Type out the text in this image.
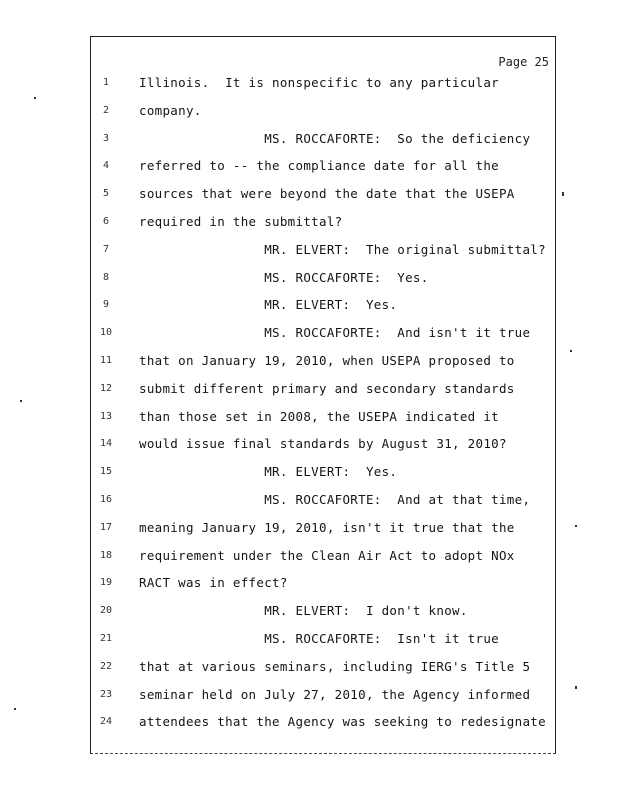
Page 25
1	Illinois.  It is nonspecific to any particular
2	company.
3	MS. ROCCAFORTE:  So the deficiency
4	referred to -- the compliance date for all the
5	sources that were beyond the date that the USEPA
6	required in the submittal?
7	MR. ELVERT:  The original submittal?
8	MS. ROCCAFORTE:  Yes.
9	MR. ELVERT:  Yes.
10	MS. ROCCAFORTE:  And isn't it true
11	that on January 19, 2010, when USEPA proposed to
12	submit different primary and secondary standards
13	than those set in 2008, the USEPA indicated it
14	would issue final standards by August 31, 2010?
15	MR. ELVERT:  Yes.
16	MS. ROCCAFORTE:  And at that time,
17	meaning January 19, 2010, isn't it true that the
18	requirement under the Clean Air Act to adopt NOx
19	RACT was in effect?
20	MR. ELVERT:  I don't know.
21	MS. ROCCAFORTE:  Isn't it true
22	that at various seminars, including IERG's Title 5
23	seminar held on July 27, 2010, the Agency informed
24	attendees that the Agency was seeking to redesignate
